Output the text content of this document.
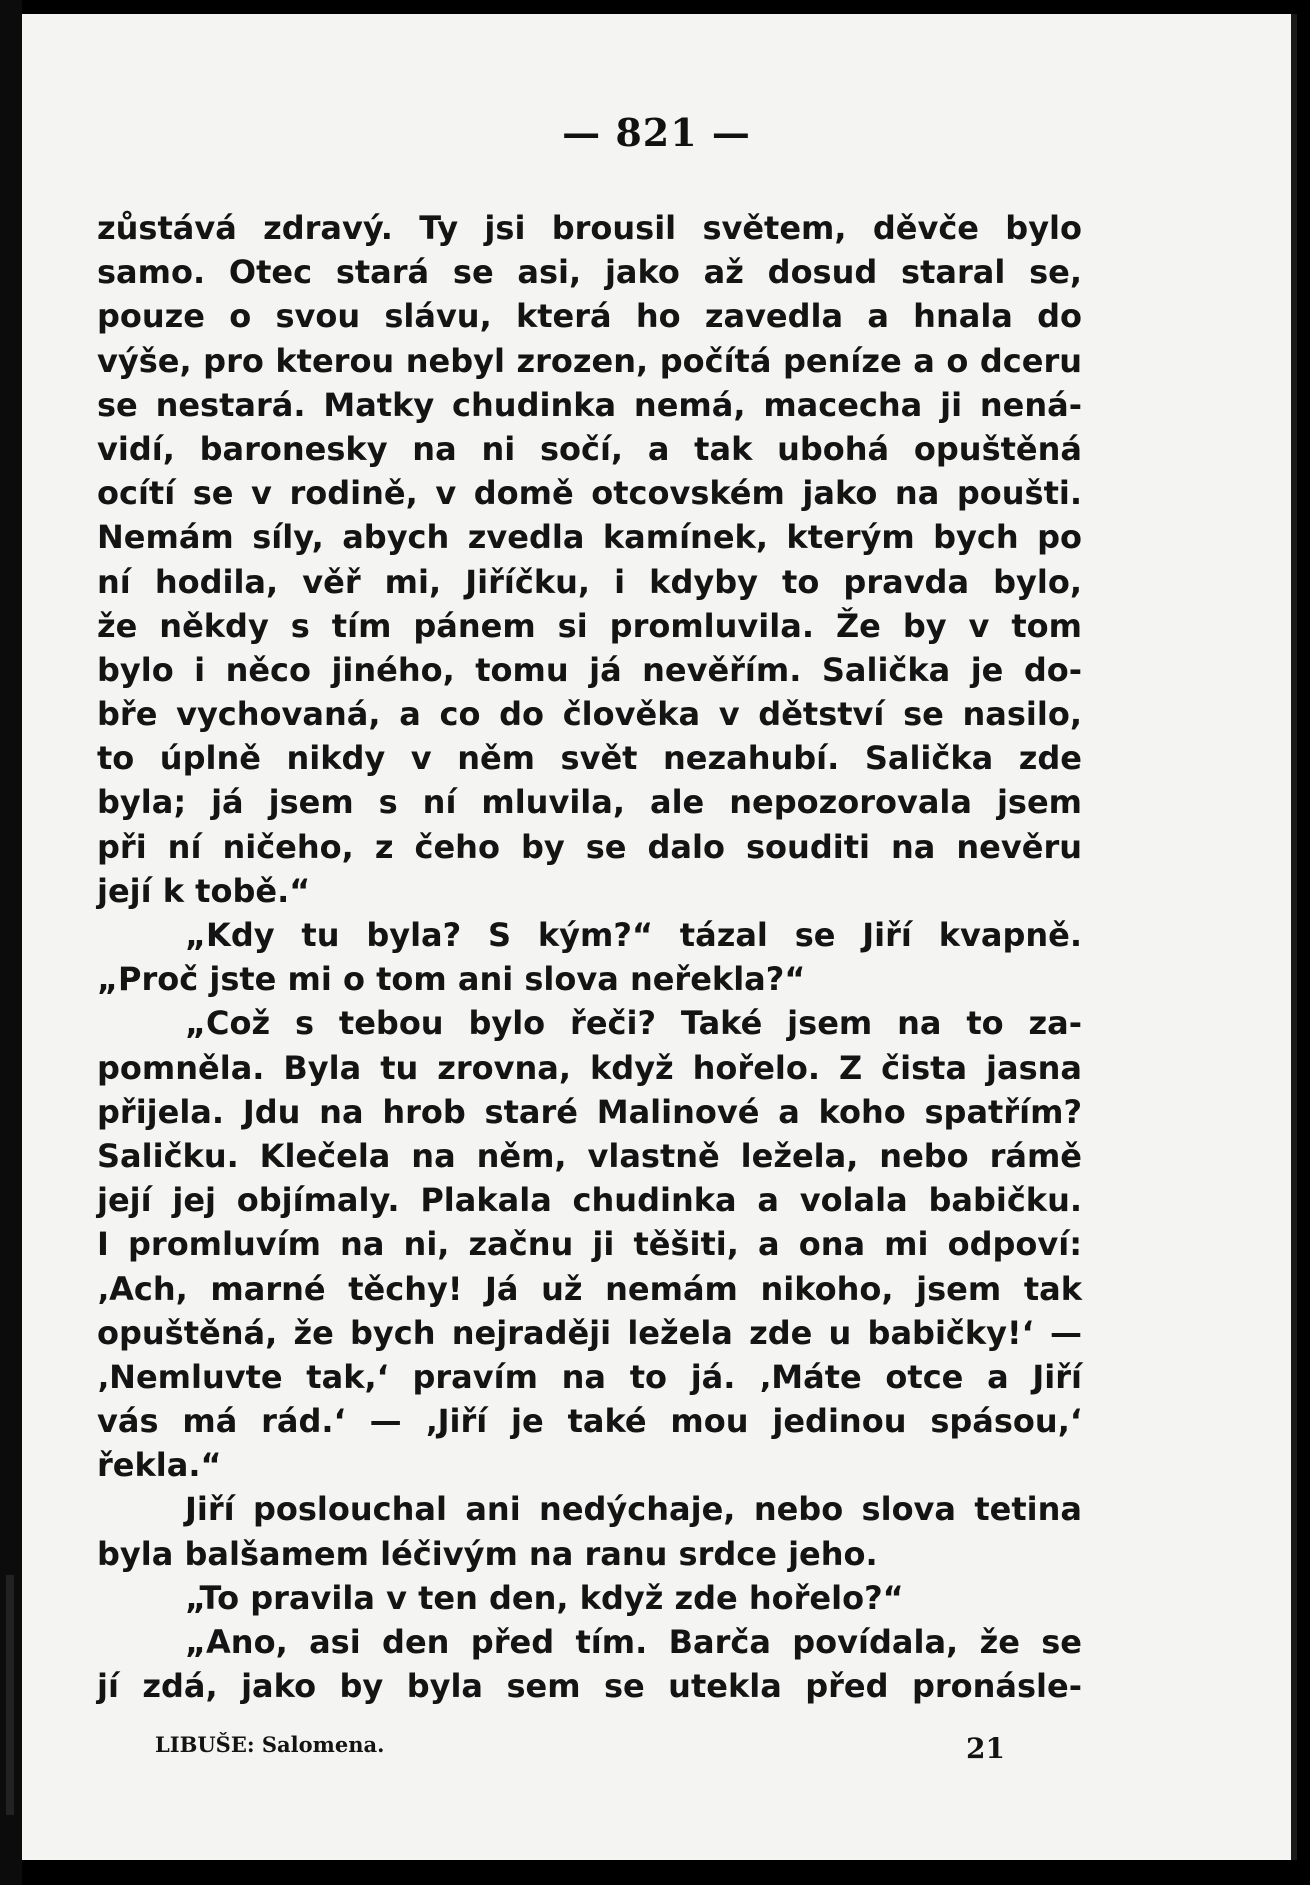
— 821 —
zůstává zdravý. Ty jsi brousil světem, děvče bylo
samo. Otec stará se asi, jako až dosud staral se,
pouze o svou slávu, která ho zavedla a hnala do
výše, pro kterou nebyl zrozen, počítá peníze a o dceru
se nestará. Matky chudinka nemá, macecha ji nená-
vidí, baronesky na ni sočí, a tak ubohá opuštěná
ocítí se v rodině, v domě otcovském jako na poušti.
Nemám síly, abych zvedla kamínek, kterým bych po
ní hodila, věř mi, Jiříčku, i kdyby to pravda bylo,
že někdy s tím pánem si promluvila. Že by v tom
bylo i něco jiného, tomu já nevěřím. Salička je do-
bře vychovaná, a co do člověka v dětství se nasilo,
to úplně nikdy v něm svět nezahubí. Salička zde
byla; já jsem s ní mluvila, ale nepozorovala jsem
při ní ničeho, z čeho by se dalo souditi na nevěru
její k tobě.“
„Kdy tu byla? S kým?“ tázal se Jiří kvapně.
„Proč jste mi o tom ani slova neřekla?“
„Což s tebou bylo řeči? Také jsem na to za-
pomněla. Byla tu zrovna, když hořelo. Z čista jasna
přijela. Jdu na hrob staré Malinové a koho spatřím?
Saličku. Klečela na něm, vlastně ležela, nebo rámě
její jej objímaly. Plakala chudinka a volala babičku.
I promluvím na ni, začnu ji těšiti, a ona mi odpoví:
‚Ach, marné těchy! Já už nemám nikoho, jsem tak
opuštěná, že bych nejraději ležela zde u babičky!‘ —
‚Nemluvte tak,‘ pravím na to já. ‚Máte otce a Jiří
vás má rád.‘ — ‚Jiří je také mou jedinou spásou,‘
řekla.“
Jiří poslouchal ani nedýchaje, nebo slova tetina
byla balšamem léčivým na ranu srdce jeho.
„To pravila v ten den, když zde hořelo?“
„Ano, asi den před tím. Barča povídala, že se
jí zdá, jako by byla sem se utekla před pronásle-
LIBUŠE: Salomena.	21
